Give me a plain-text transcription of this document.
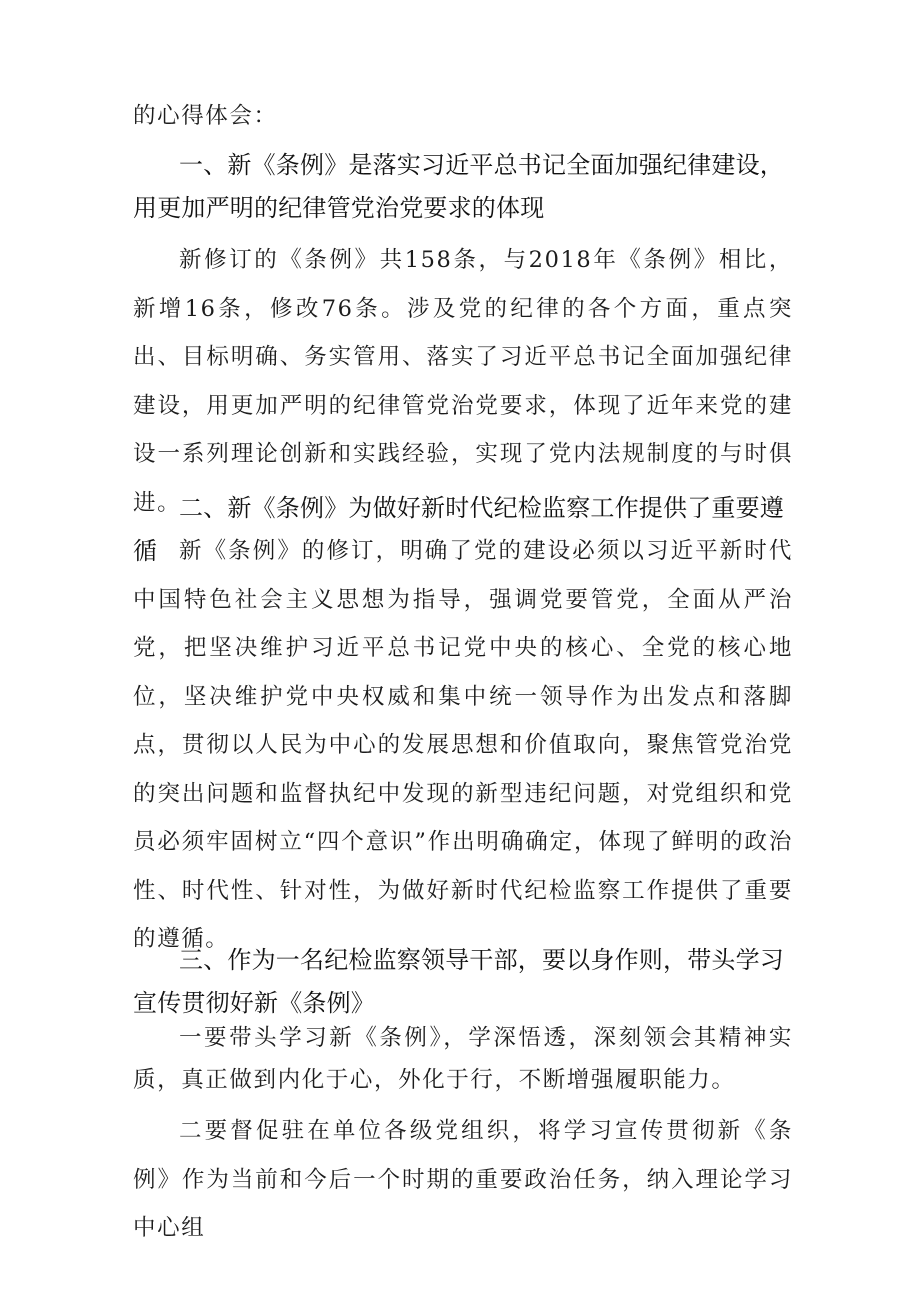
的心得体会：

一、新《条例》是落实习近平总书记全面加强纪律建设，用更加严明的纪律管党治党要求的体现

新修订的《条例》共158条，与2018年《条例》相比，新增16条，修改76条。涉及党的纪律的各个方面，重点突出、目标明确、务实管用、落实了习近平总书记全面加强纪律建设，用更加严明的纪律管党治党要求，体现了近年来党的建设一系列理论创新和实践经验，实现了党内法规制度的与时俱进。

二、新《条例》为做好新时代纪检监察工作提供了重要遵循 新《条例》的修订，明确了党的建设必须以习近平新时代中国特色社会主义思想为指导，强调党要管党，全面从严治党，把坚决维护习近平总书记党中央的核心、全党的核心地位，坚决维护党中央权威和集中统一领导作为出发点和落脚点，贯彻以人民为中心的发展思想和价值取向，聚焦管党治党的突出问题和监督执纪中发现的新型违纪问题，对党组织和党员必须牢固树立“四个意识”作出明确确定，体现了鲜明的政治性、时代性、针对性，为做好新时代纪检监察工作提供了重要的遵循。

三、作为一名纪检监察领导干部，要以身作则，带头学习宣传贯彻好新《条例》

一要带头学习新《条例》，学深悟透，深刻领会其精神实质，真正做到内化于心，外化于行，不断增强履职能力。

二要督促驻在单位各级党组织，将学习宣传贯彻新《条例》作为当前和今后一个时期的重要政治任务，纳入理论学习中心组
